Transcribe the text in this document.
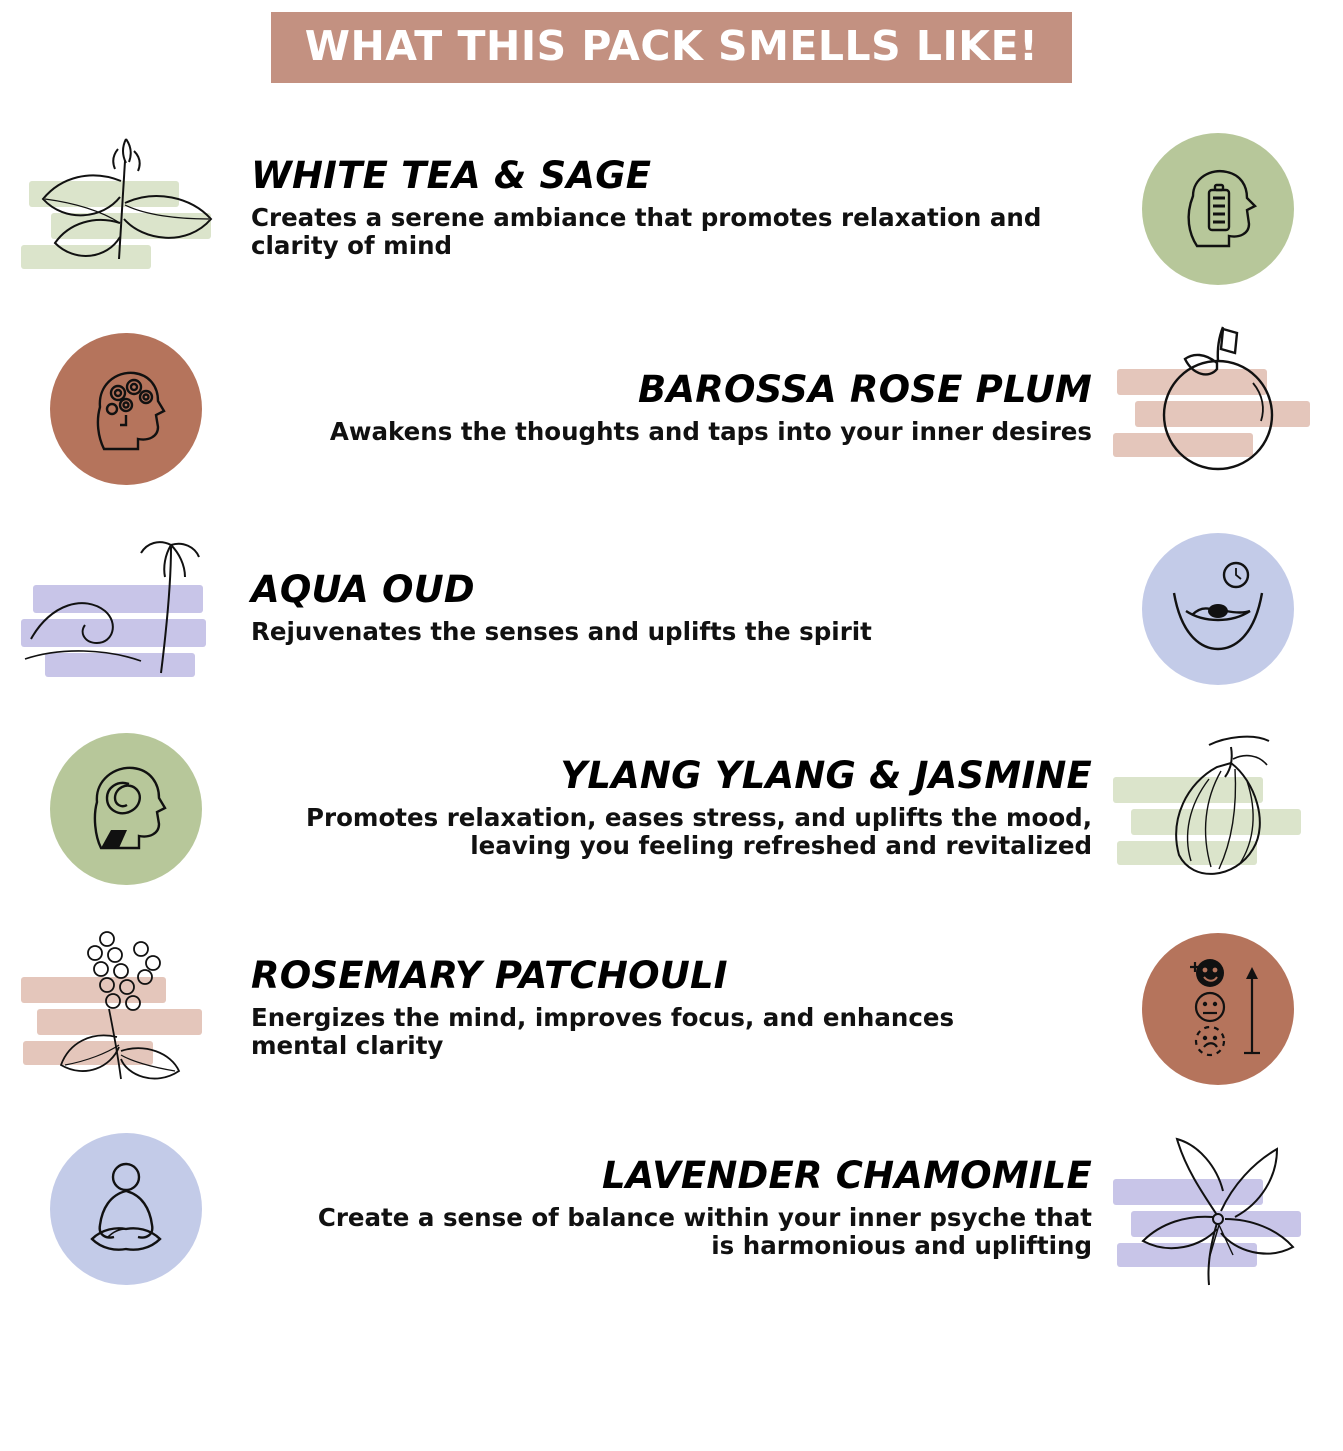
WHAT THIS PACK SMELLS LIKE!
WHITE TEA & SAGE
Creates a serene ambiance that promotes relaxation and clarity of mind
BAROSSA ROSE PLUM
Awakens the thoughts and taps into your inner desires
AQUA OUD
Rejuvenates the senses and uplifts the spirit
YLANG YLANG & JASMINE
Promotes relaxation, eases stress, and uplifts the mood, leaving you feeling refreshed and revitalized
ROSEMARY PATCHOULI
Energizes the mind, improves focus, and enhances mental clarity
LAVENDER CHAMOMILE
Create a sense of balance within your inner psyche that is harmonious and uplifting
